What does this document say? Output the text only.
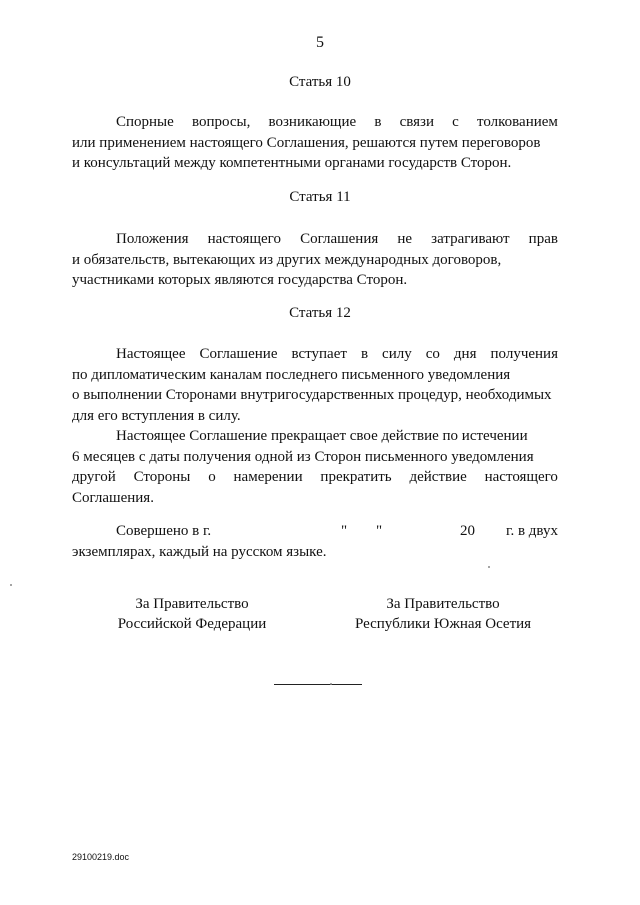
5
Статья 10
Спорные вопросы, возникающие в связи с толкованием
или применением настоящего Соглашения, решаются путем переговоров
и консультаций между компетентными органами государств Сторон.
Статья 11
Положения настоящего Соглашения не затрагивают прав
и обязательств, вытекающих из других международных договоров,
участниками которых являются государства Сторон.
Статья 12
Настоящее Соглашение вступает в силу со дня получения
по дипломатическим каналам последнего письменного уведомления
о выполнении Сторонами внутригосударственных процедур, необходимых
для его вступления в силу.
Настоящее Соглашение прекращает свое действие по истечении
6 месяцев с даты получения одной из Сторон письменного уведомления
другой Стороны о намерении прекратить действие настоящего
Соглашения.
Совершено в г.	" "	20 г. в двух
экземплярах, каждый на русском языке.
За Правительство
Российской Федерации
За Правительство
Республики Южная Осетия
29100219.doc
